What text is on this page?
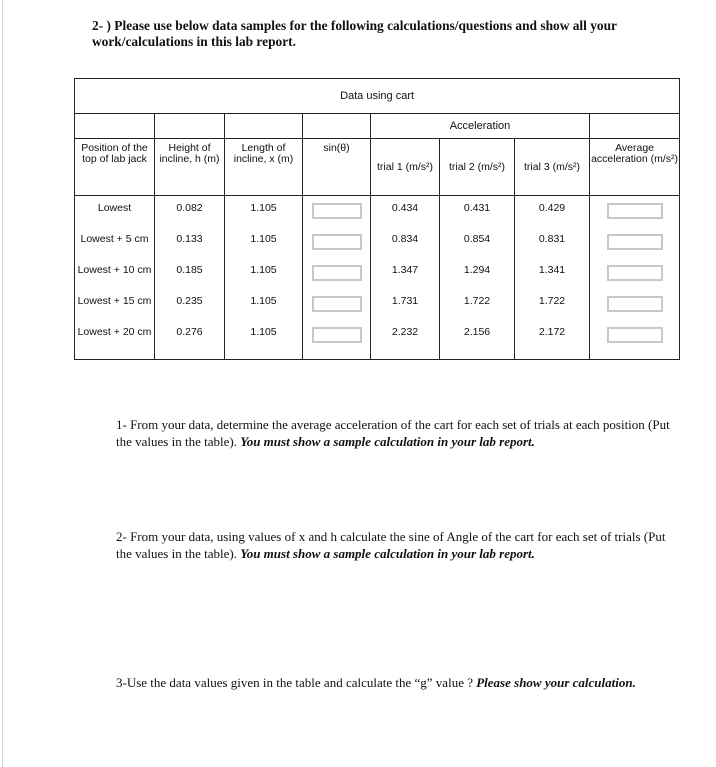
2- ) Please use below data samples for the following calculations/questions and show all your work/calculations in this lab report.
Data using cart							
				Acceleration			

Position of the top of lab jack	Height of incline, h (m)	Length of incline, x (m)	sin(θ)	trial 1 (m/s²)	trial 2 (m/s²)	trial 3 (m/s²)	Average acceleration (m/s²)
Lowest	0.082	1.105		0.434	0.431	0.429	

Lowest + 5 cm	0.133	1.105		0.834	0.854	0.831	

Lowest + 10 cm	0.185	1.105		1.347	1.294	1.341	

Lowest + 15 cm	0.235	1.105		1.731	1.722	1.722	

Lowest + 20 cm	0.276	1.105		2.232	2.156	2.172	
1- From your data, determine the average acceleration of the cart for each set of trials at each position (Put the values in the table). You must show a sample calculation in your lab report.
2- From your data, using values of x and h calculate the sine of Angle of the cart for each set of trials (Put the values in the table). You must show a sample calculation in your lab report.
3-Use the data values given in the table and calculate the “g” value ? Please show your calculation.
